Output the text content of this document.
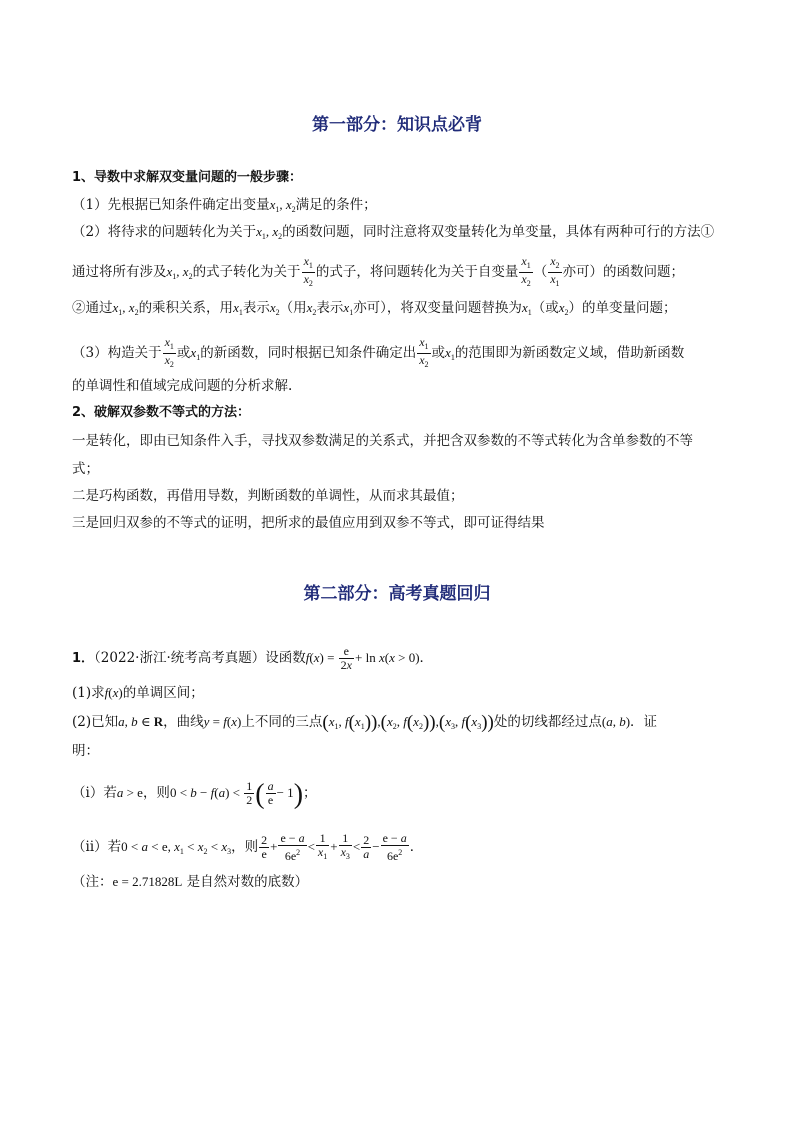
第一部分：知识点必背
1、导数中求解双变量问题的一般步骤：
（1）先根据已知条件确定出变量$x_1$, $x_2$满足的条件；
（2）将待求的问题转化为关于$x_1$, $x_2$的函数问题，同时注意将双变量转化为单变量，具体有两种可行的方法①
通过将所有涉及$x_1$, $x_2$的式子转化为关于 $\frac{x_1}{x_2}$ 的式子，将问题转化为关于自变量 $\frac{x_1}{x_2}$ （ $\frac{x_2}{x_1}$ 亦可）的函数问题；
②通过$x_1$, $x_2$的乘积关系，用$x_1$表示$x_2$（用$x_2$表示$x_1$亦可），将双变量问题替换为$x_1$（或$x_2$）的单变量问题；
（3）构造关于 $\frac{x_1}{x_2}$ 或$x_1$的新函数，同时根据已知条件确定出 $\frac{x_1}{x_2}$ 或$x_1$的范围即为新函数定义域，借助新函数
的单调性和值域完成问题的分析求解.
2、破解双参数不等式的方法：
一是转化，即由已知条件入手，寻找双参数满足的关系式，并把含双参数的不等式转化为含单参数的不等
式；
二是巧构函数，再借用导数，判断函数的单调性，从而求其最值；
三是回归双参的不等式的证明，把所求的最值应用到双参不等式，即可证得结果
第二部分：高考真题回归
1．（2022·浙江·统考高考真题）设函数$f(x) = \frac{e}{2x} + \ln x(x > 0)$．
(1)求f(x)的单调区间；
(2)已知a, b ∈ R，曲线y = f(x)上不同的三点($x_1$, $f(x_1)),(x_2$, $f(x_2)),(x_3$, $f(x_3)$)处的切线都经过点(a, b)．证
明：
（ⅰ）若a > e，则$0 < b - f(a) < \frac{1}{2}$ ( $\frac{a}{e} - 1$)；
（ⅱ）若0 < a < e, $x_1 < x_2 < x_3$，则 $\frac{2}{e} + \frac{e - a}{6e^2} < \frac{1}{x_1} + \frac{1}{x_3} < \frac{2}{a} - \frac{e - a}{6e^2}$ ．
（注：e = 2.71828L 是自然对数的底数）
